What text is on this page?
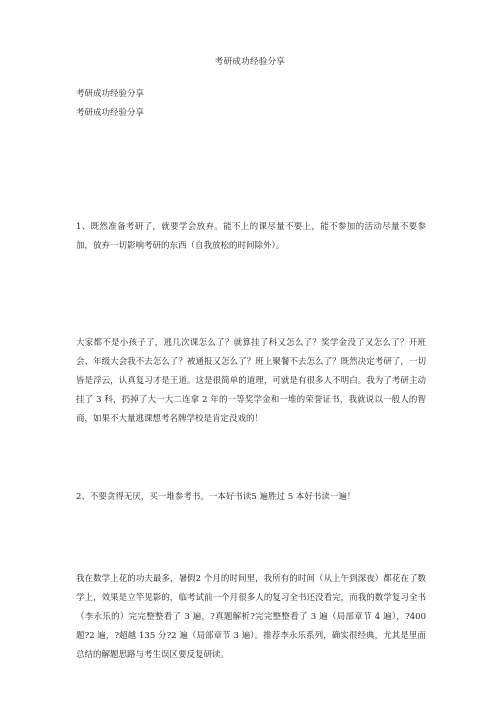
考研成功经验分享
考研成功经验分享
考研成功经验分享
1、既然准备考研了，就要学会放弃。能不上的课尽量不要上，能不参加的活动尽量不要参加，放弃一切影响考研的东西（自我放松的时间除外）。
大家都不是小孩子了，逃几次课怎么了？就算挂了科又怎么了？奖学金没了又怎么了？开班会、年级大会我不去怎么了？被通报又怎么了？班上聚餐不去怎么了？既然决定考研了，一切皆是浮云，认真复习才是王道。这是很简单的道理，可就是有很多人不明白。我为了考研主动挂了 3 科，扔掉了大一大二连拿 2 年的一等奖学金和一堆的荣誉证书，我就说以一般人的智商，如果不大量逃课想考名牌学校是肯定没戏的！
2、不要贪得无厌，买一堆参考书。一本好书读5 遍胜过 5 本好书读一遍！
我在数学上花的功夫最多，暑假2 个月的时间里，我所有的时间（从上午到深夜）都花在了数学上，效果是立竿见影的，临考试前一个月很多人的复习全书还没看完，而我的数学复习全书（李永乐的）完完整整看了 3 遍，?真题解析?完完整整看了 3 遍（局部章节 4 遍），?400 题?2 遍，?超越 135 分?2 遍（局部章节 3 遍）。推荐李永乐系列，确实很经典，尤其是里面总结的解题思路与考生误区要反复研读。
